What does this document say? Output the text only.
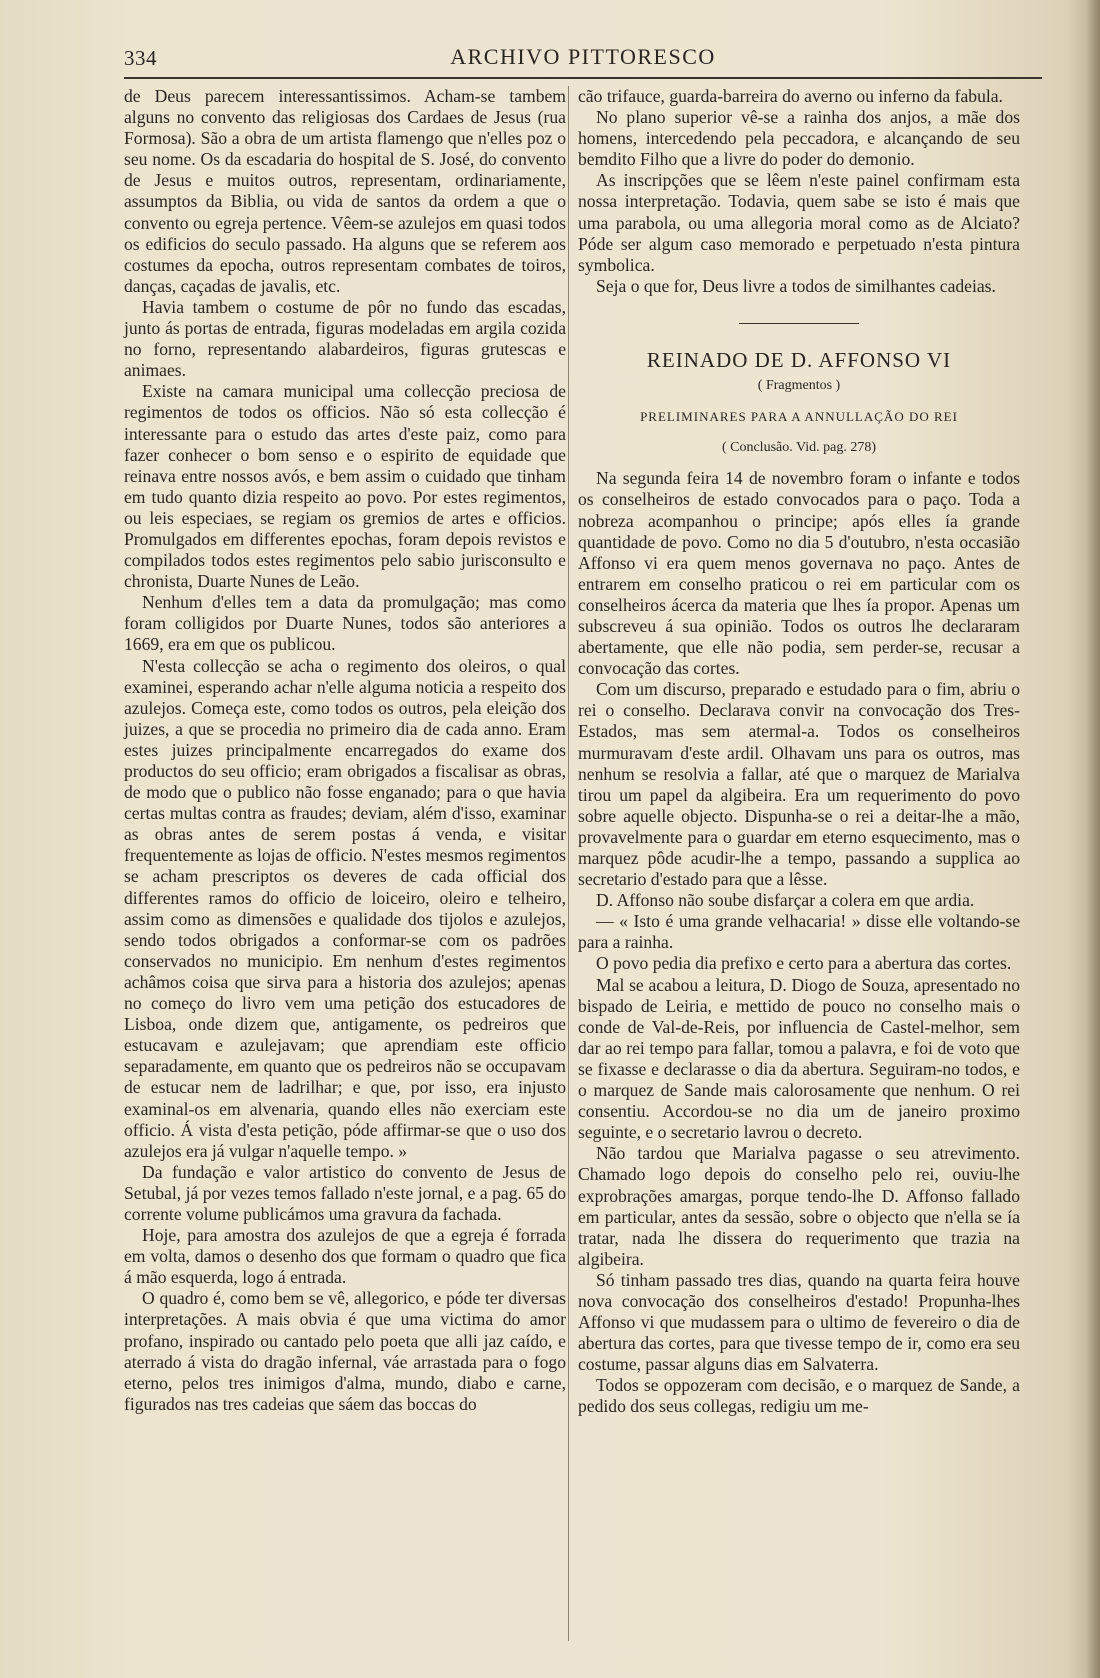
334	ARCHIVO PITTORESCO

de Deus parecem interessantissimos. Acham-se tambem alguns no convento das religiosas dos Cardaes de Jesus (rua Formosa). São a obra de um artista flamengo que n'elles poz o seu nome. Os da escadaria do hospital de S. José, do convento de Jesus e muitos outros, representam, ordinariamente, assumptos da Biblia, ou vida de santos da ordem a que o convento ou egreja pertence. Vêem-se azulejos em quasi todos os edificios do seculo passado. Ha alguns que se referem aos costumes da epocha, outros representam combates de toiros, danças, caçadas de javalis, etc.

Havia tambem o costume de pôr no fundo das escadas, junto ás portas de entrada, figuras modeladas em argila cozida no forno, representando alabardeiros, figuras grutescas e animaes.

Existe na camara municipal uma collecção preciosa de regimentos de todos os officios. Não só esta collecção é interessante para o estudo das artes d'este paiz, como para fazer conhecer o bom senso e o espirito de equidade que reinava entre nossos avós, e bem assim o cuidado que tinham em tudo quanto dizia respeito ao povo. Por estes regimentos, ou leis especiaes, se regiam os gremios de artes e officios. Promulgados em differentes epochas, foram depois revistos e compilados todos estes regimentos pelo sabio jurisconsulto e chronista, Duarte Nunes de Leão.

Nenhum d'elles tem a data da promulgação; mas como foram colligidos por Duarte Nunes, todos são anteriores a 1669, era em que os publicou.

N'esta collecção se acha o regimento dos oleiros, o qual examinei, esperando achar n'elle alguma noticia a respeito dos azulejos. Começa este, como todos os outros, pela eleição dos juizes, a que se procedia no primeiro dia de cada anno. Eram estes juizes principalmente encarregados do exame dos productos do seu officio; eram obrigados a fiscalisar as obras, de modo que o publico não fosse enganado; para o que havia certas multas contra as fraudes; deviam, além d'isso, examinar as obras antes de serem postas á venda, e visitar frequentemente as lojas de officio. N'estes mesmos regimentos se acham prescriptos os deveres de cada official dos differentes ramos do officio de loiceiro, oleiro e telheiro, assim como as dimensões e qualidade dos tijolos e azulejos, sendo todos obrigados a conformar-se com os padrões conservados no municipio. Em nenhum d'estes regimentos achâmos coisa que sirva para a historia dos azulejos; apenas no começo do livro vem uma petição dos estucadores de Lisboa, onde dizem que, antigamente, os pedreiros que estucavam e azulejavam; que aprendiam este officio separadamente, em quanto que os pedreiros não se occupavam de estucar nem de ladrilhar; e que, por isso, era injusto examinal-os em alvenaria, quando elles não exerciam este officio. Á vista d'esta petição, póde affirmar-se que o uso dos azulejos era já vulgar n'aquelle tempo. »

Da fundação e valor artistico do convento de Jesus de Setubal, já por vezes temos fallado n'este jornal, e a pag. 65 do corrente volume publicámos uma gravura da fachada.

Hoje, para amostra dos azulejos de que a egreja é forrada em volta, damos o desenho dos que formam o quadro que fica á mão esquerda, logo á entrada.

O quadro é, como bem se vê, allegorico, e póde ter diversas interpretações. A mais obvia é que uma victima do amor profano, inspirado ou cantado pelo poeta que alli jaz caído, e aterrado á vista do dragão infernal, váe arrastada para o fogo eterno, pelos tres inimigos d'alma, mundo, diabo e carne, figurados nas tres cadeias que sáem das boccas do

cão trifauce, guarda-barreira do averno ou inferno da fabula.

No plano superior vê-se a rainha dos anjos, a mãe dos homens, intercedendo pela peccadora, e alcançando de seu bemdito Filho que a livre do poder do demonio.

As inscripções que se lêem n'este painel confirmam esta nossa interpretação. Todavia, quem sabe se isto é mais que uma parabola, ou uma allegoria moral como as de Alciato? Póde ser algum caso memorado e perpetuado n'esta pintura symbolica.

Seja o que for, Deus livre a todos de similhantes cadeias.

REINADO DE D. AFFONSO VI
( Fragmentos )
PRELIMINARES PARA A ANNULLAÇÃO DO REI
( Conclusão. Vid. pag. 278)

Na segunda feira 14 de novembro foram o infante e todos os conselheiros de estado convocados para o paço. Toda a nobreza acompanhou o principe; após elles ía grande quantidade de povo. Como no dia 5 d'outubro, n'esta occasião Affonso vi era quem menos governava no paço. Antes de entrarem em conselho praticou o rei em particular com os conselheiros ácerca da materia que lhes ía propor. Apenas um subscreveu á sua opinião. Todos os outros lhe declararam abertamente, que elle não podia, sem perder-se, recusar a convocação das cortes.

Com um discurso, preparado e estudado para o fim, abriu o rei o conselho. Declarava convir na convocação dos Tres-Estados, mas sem atermal-a. Todos os conselheiros murmuravam d'este ardil. Olhavam uns para os outros, mas nenhum se resolvia a fallar, até que o marquez de Marialva tirou um papel da algibeira. Era um requerimento do povo sobre aquelle objecto. Dispunha-se o rei a deitar-lhe a mão, provavelmente para o guardar em eterno esquecimento, mas o marquez pôde acudir-lhe a tempo, passando a supplica ao secretario d'estado para que a lêsse.

D. Affonso não soube disfarçar a colera em que ardia.

— « Isto é uma grande velhacaria! » disse elle voltando-se para a rainha.

O povo pedia dia prefixo e certo para a abertura das cortes.

Mal se acabou a leitura, D. Diogo de Souza, apresentado no bispado de Leiria, e mettido de pouco no conselho mais o conde de Val-de-Reis, por influencia de Castel-melhor, sem dar ao rei tempo para fallar, tomou a palavra, e foi de voto que se fixasse e declarasse o dia da abertura. Seguiram-no todos, e o marquez de Sande mais calorosamente que nenhum. O rei consentiu. Accordou-se no dia um de janeiro proximo seguinte, e o secretario lavrou o decreto.

Não tardou que Marialva pagasse o seu atrevimento. Chamado logo depois do conselho pelo rei, ouviu-lhe exprobrações amargas, porque tendo-lhe D. Affonso fallado em particular, antes da sessão, sobre o objecto que n'ella se ía tratar, nada lhe dissera do requerimento que trazia na algibeira.

Só tinham passado tres dias, quando na quarta feira houve nova convocação dos conselheiros d'estado! Propunha-lhes Affonso vi que mudassem para o ultimo de fevereiro o dia de abertura das cortes, para que tivesse tempo de ir, como era seu costume, passar alguns dias em Salvaterra.

Todos se oppozeram com decisão, e o marquez de Sande, a pedido dos seus collegas, redigiu um me-
